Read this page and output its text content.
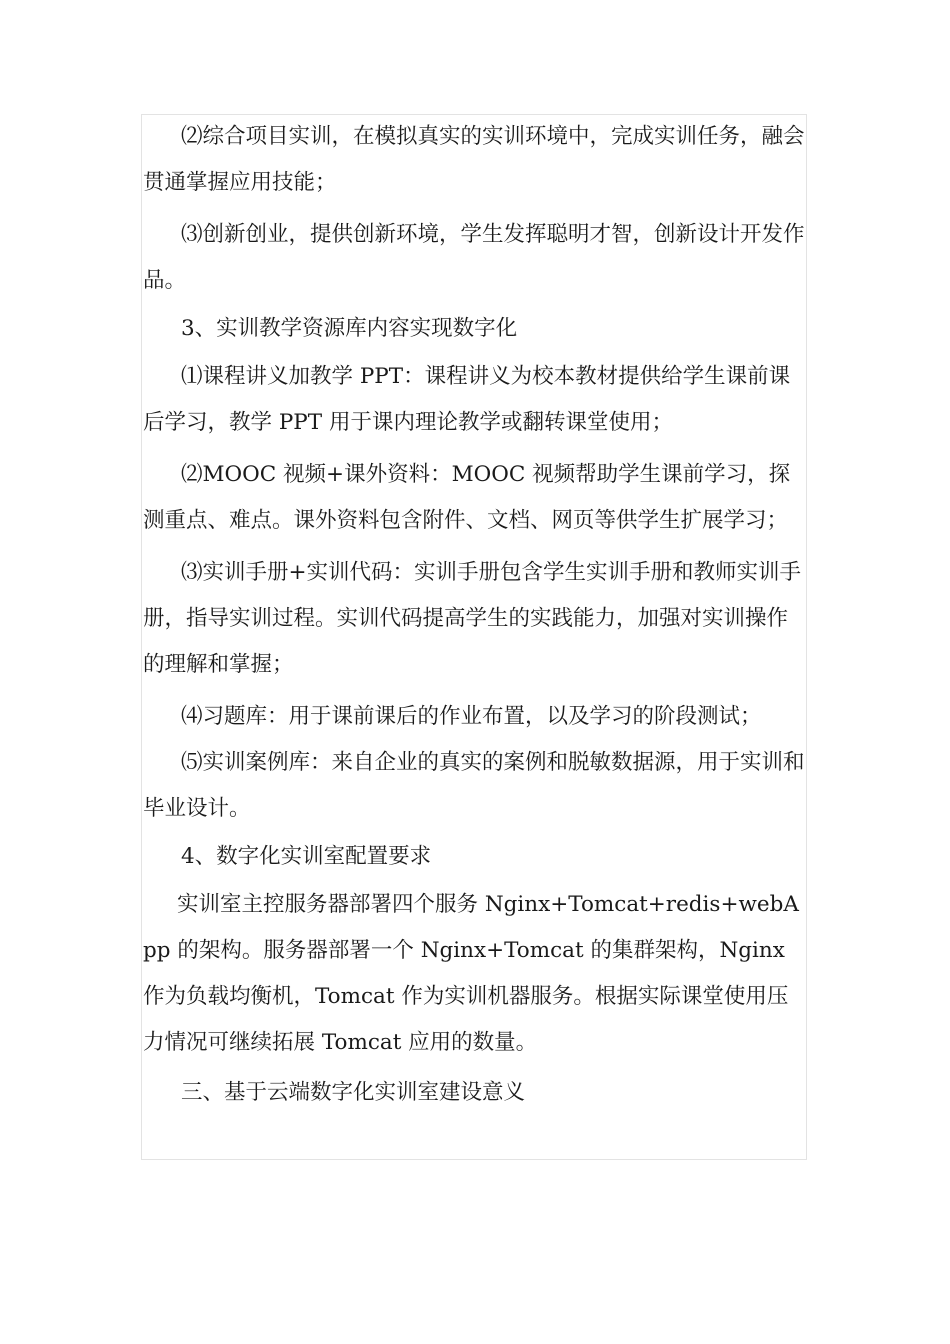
⑵综合项目实训，在模拟真实的实训环境中，完成实训任务，融会贯通掌握应用技能；

⑶创新创业，提供创新环境，学生发挥聪明才智，创新设计开发作品。

3、实训教学资源库内容实现数字化

⑴课程讲义加教学 PPT：课程讲义为校本教材提供给学生课前课后学习，教学 PPT 用于课内理论教学或翻转课堂使用；

⑵MOOC 视频+课外资料：MOOC 视频帮助学生课前学习，探测重点、难点。课外资料包含附件、文档、网页等供学生扩展学习；

⑶实训手册+实训代码：实训手册包含学生实训手册和教师实训手册，指导实训过程。实训代码提高学生的实践能力，加强对实训操作的理解和掌握；

⑷习题库：用于课前课后的作业布置，以及学习的阶段测试；

⑸实训案例库：来自企业的真实的案例和脱敏数据源，用于实训和毕业设计。

4、数字化实训室配置要求

实训室主控服务器部署四个服务 Nginx+Tomcat+redis+webApp 的架构。服务器部署一个 Nginx+Tomcat 的集群架构，Nginx 作为负载均衡机，Tomcat 作为实训机器服务。根据实际课堂使用压力情况可继续拓展 Tomcat 应用的数量。

三、基于云端数字化实训室建设意义
